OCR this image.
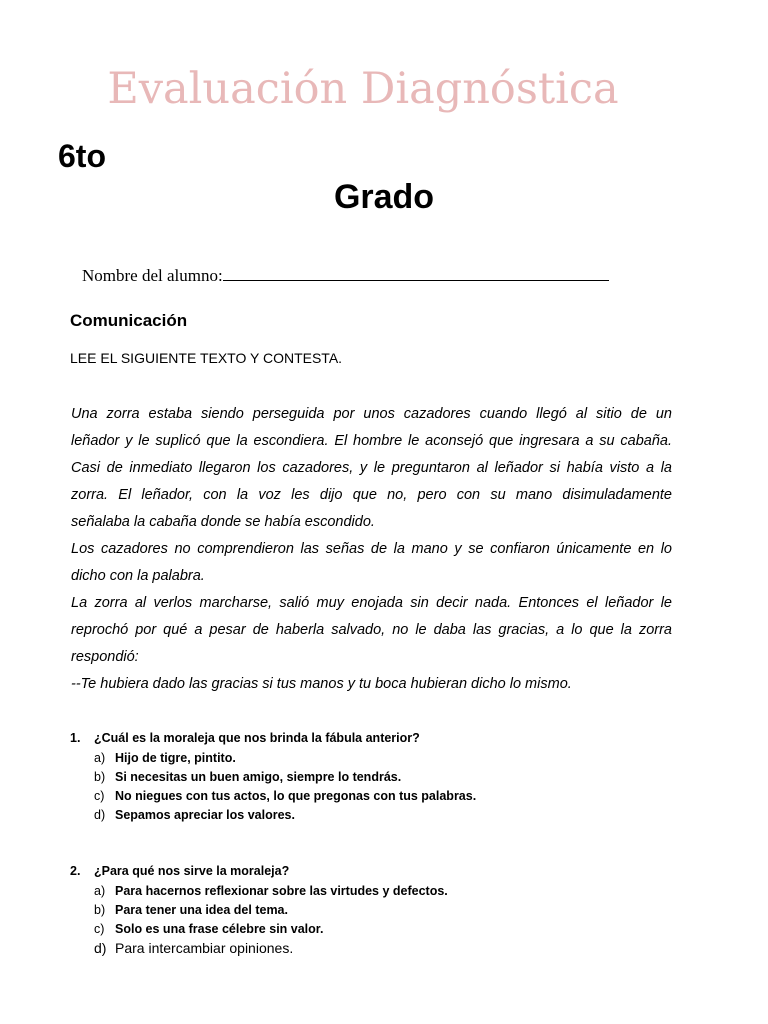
Evaluación Diagnóstica
6to
Grado
Nombre del alumno:
Comunicación
LEE EL SIGUIENTE TEXTO Y CONTESTA.
Una zorra estaba siendo perseguida por unos cazadores cuando llegó al sitio de un
leñador y le suplicó que la escondiera. El hombre le aconsejó que ingresara a su cabaña.
Casi de inmediato llegaron los cazadores, y le preguntaron al leñador si había visto a la
zorra. El leñador, con la voz les dijo que no, pero con su mano disimuladamente
señalaba la cabaña donde se había escondido.
Los cazadores no comprendieron las señas de la mano y se confiaron únicamente en lo
dicho con la palabra.
La zorra al verlos marcharse, salió muy enojada sin decir nada. Entonces el leñador le
reprochó por qué a pesar de haberla salvado, no le daba las gracias, a lo que la zorra
respondió:
--Te hubiera dado las gracias si tus manos y tu boca hubieran dicho lo mismo.
1. ¿Cuál es la moraleja que nos brinda la fábula anterior?
a) Hijo de tigre, pintito.
b) Si necesitas un buen amigo, siempre lo tendrás.
c) No niegues con tus actos, lo que pregonas con tus palabras.
d) Sepamos apreciar los valores.
2. ¿Para qué nos sirve la moraleja?
a) Para hacernos reflexionar sobre las virtudes y defectos.
b) Para tener una idea del tema.
c) Solo es una frase célebre sin valor.
d) Para intercambiar opiniones.
